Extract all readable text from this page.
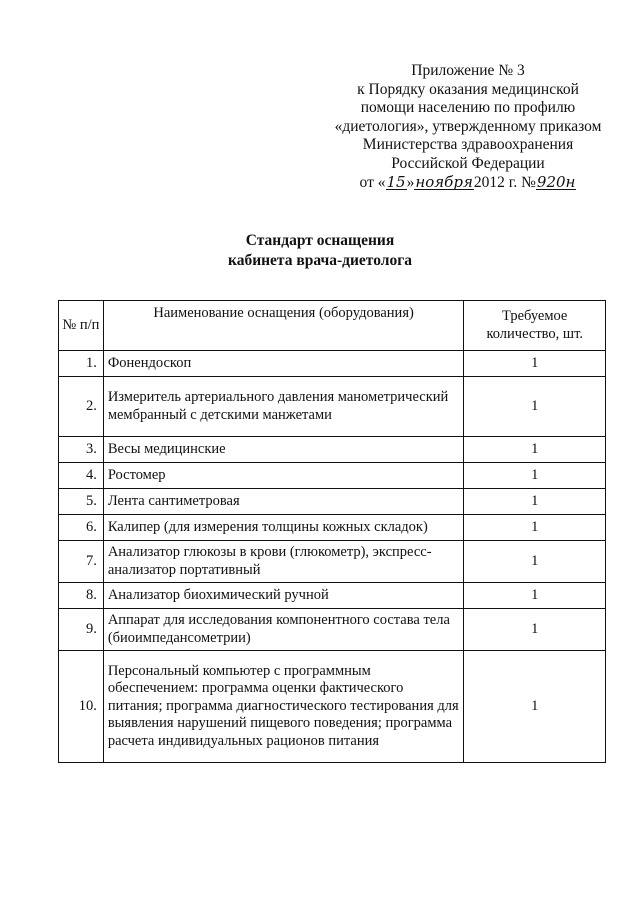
Приложение № 3
к Порядку оказания медицинской
помощи населению по профилю
«диетология», утвержденному приказом
Министерства здравоохранения
Российской Федерации
от «15»ноября2012 г. №920н
Стандарт оснащения
кабинета врача-диетолога
№ п/п	Наименование оснащения (оборудования)	Требуемое количество, шт.
1.	Фонендоскоп	1
2.	Измеритель артериального давления манометрический мембранный с детскими манжетами	1
3.	Весы медицинские	1
4.	Ростомер	1
5.	Лента сантиметровая	1
6.	Калипер (для измерения толщины кожных складок)	1
7.	Анализатор глюкозы в крови (глюкометр), экспресс-анализатор портативный	1
8.	Анализатор биохимический ручной	1
9.	Аппарат для исследования компонентного состава тела (биоимпедансометрии)	1
10.	Персональный компьютер с программным обеспечением: программа оценки фактического питания; программа диагностического тестирования для выявления нарушений пищевого поведения; программа расчета индивидуальных рационов питания	1
